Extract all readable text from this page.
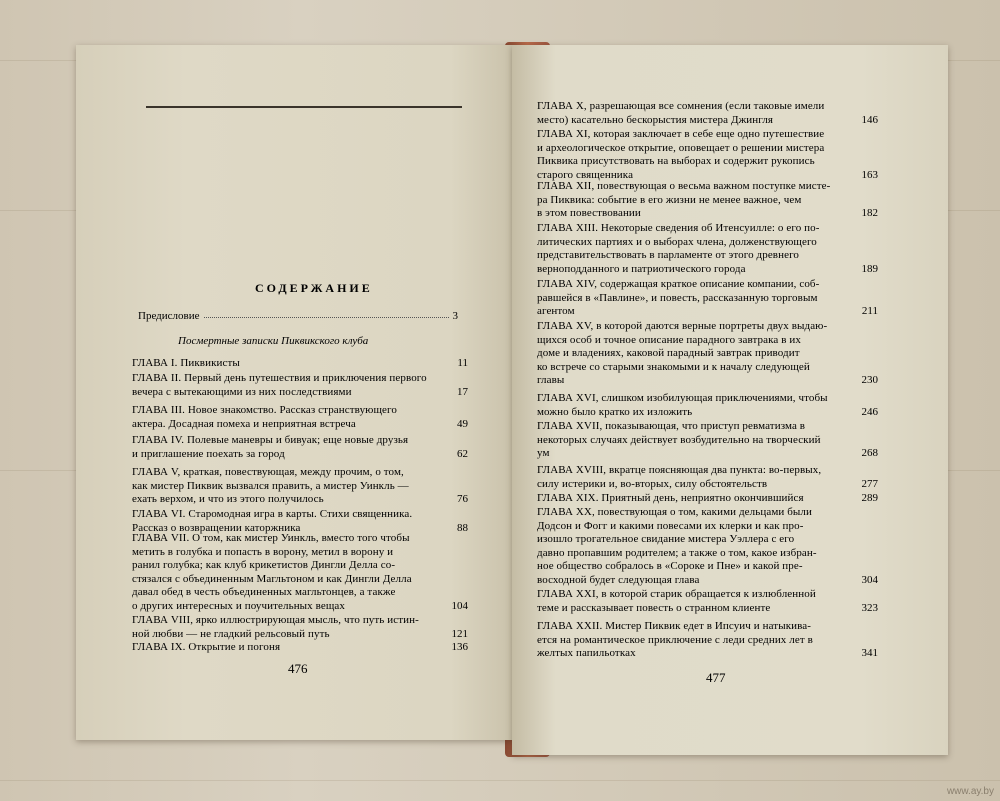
СОДЕРЖАНИЕ
Предисловие	3
Посмертные записки Пиквикского клуба
ГЛАВА I. Пиквикисты	11
ГЛАВА II. Первый день путешествия и приключения первого
вечера с вытекающими из них последствиями	17
ГЛАВА III. Новое знакомство. Рассказ странствующего
актера. Досадная помеха и неприятная встреча	49
ГЛАВА IV. Полевые маневры и бивуак; еще новые друзья
и приглашение поехать за город	62
ГЛАВА V, краткая, повествующая, между прочим, о том,
как мистер Пиквик вызвался править, а мистер Уинкль —
ехать верхом, и что из этого получилось	76
ГЛАВА VI. Старомодная игра в карты. Стихи священника.
Рассказ о возвращении каторжника	88
ГЛАВА VII. О том, как мистер Уинкль, вместо того чтобы
метить в голубка и попасть в ворону, метил в ворону и
ранил голубка; как клуб крикетистов Дингли Делла со-
стязался с объединенным Магльтоном и как Дингли Делла
давал обед в честь объединенных магльтонцев, а также
о других интересных и поучительных вещах	104
ГЛАВА VIII, ярко иллюстрирующая мысль, что путь истин-
ной любви — не гладкий рельсовый путь	121
ГЛАВА IX. Открытие и погоня	136
ГЛАВА X, разрешающая все сомнения (если таковые имели
место) касательно бескорыстия мистера Джингля	146
ГЛАВА XI, которая заключает в себе еще одно путешествие
и археологическое открытие, оповещает о решении мистера
Пиквика присутствовать на выборах и содержит рукопись
старого священника	163
ГЛАВА XII, повествующая о весьма важном поступке мисте-
ра Пиквика: событие в его жизни не менее важное, чем
в этом повествовании	182
ГЛАВА XIII. Некоторые сведения об Итенсуилле: о его по-
литических партиях и о выборах члена, долженствующего
представительствовать в парламенте от этого древнего
верноподданного и патриотического города	189
ГЛАВА XIV, содержащая краткое описание компании, соб-
равшейся в «Павлине», и повесть, рассказанную торговым
агентом	211
ГЛАВА XV, в которой даются верные портреты двух выдаю-
щихся особ и точное описание парадного завтрака в их
доме и владениях, каковой парадный завтрак приводит
ко встрече со старыми знакомыми и к началу следующей
главы	230
ГЛАВА XVI, слишком изобилующая приключениями, чтобы
можно было кратко их изложить	246
ГЛАВА XVII, показывающая, что приступ ревматизма в
некоторых случаях действует возбудительно на творческий
ум	268
ГЛАВА XVIII, вкратце поясняющая два пункта: во-первых,
силу истерики и, во-вторых, силу обстоятельств	277
ГЛАВА XIX. Приятный день, неприятно окончившийся	289
ГЛАВА XX, повествующая о том, какими дельцами были
Додсон и Фогг и какими повесами их клерки и как про-
изошло трогательное свидание мистера Уэллера с его
давно пропавшим родителем; а также о том, какое избран-
ное общество собралось в «Сороке и Пне» и какой пре-
восходной будет следующая глава	304
ГЛАВА XXI, в которой старик обращается к излюбленной
теме и рассказывает повесть о странном клиенте	323
ГЛАВА XXII. Мистер Пиквик едет в Ипсуич и натыкива-
ется на романтическое приключение с леди средних лет в
желтых папильотках	341
476
477
www.ay.by
